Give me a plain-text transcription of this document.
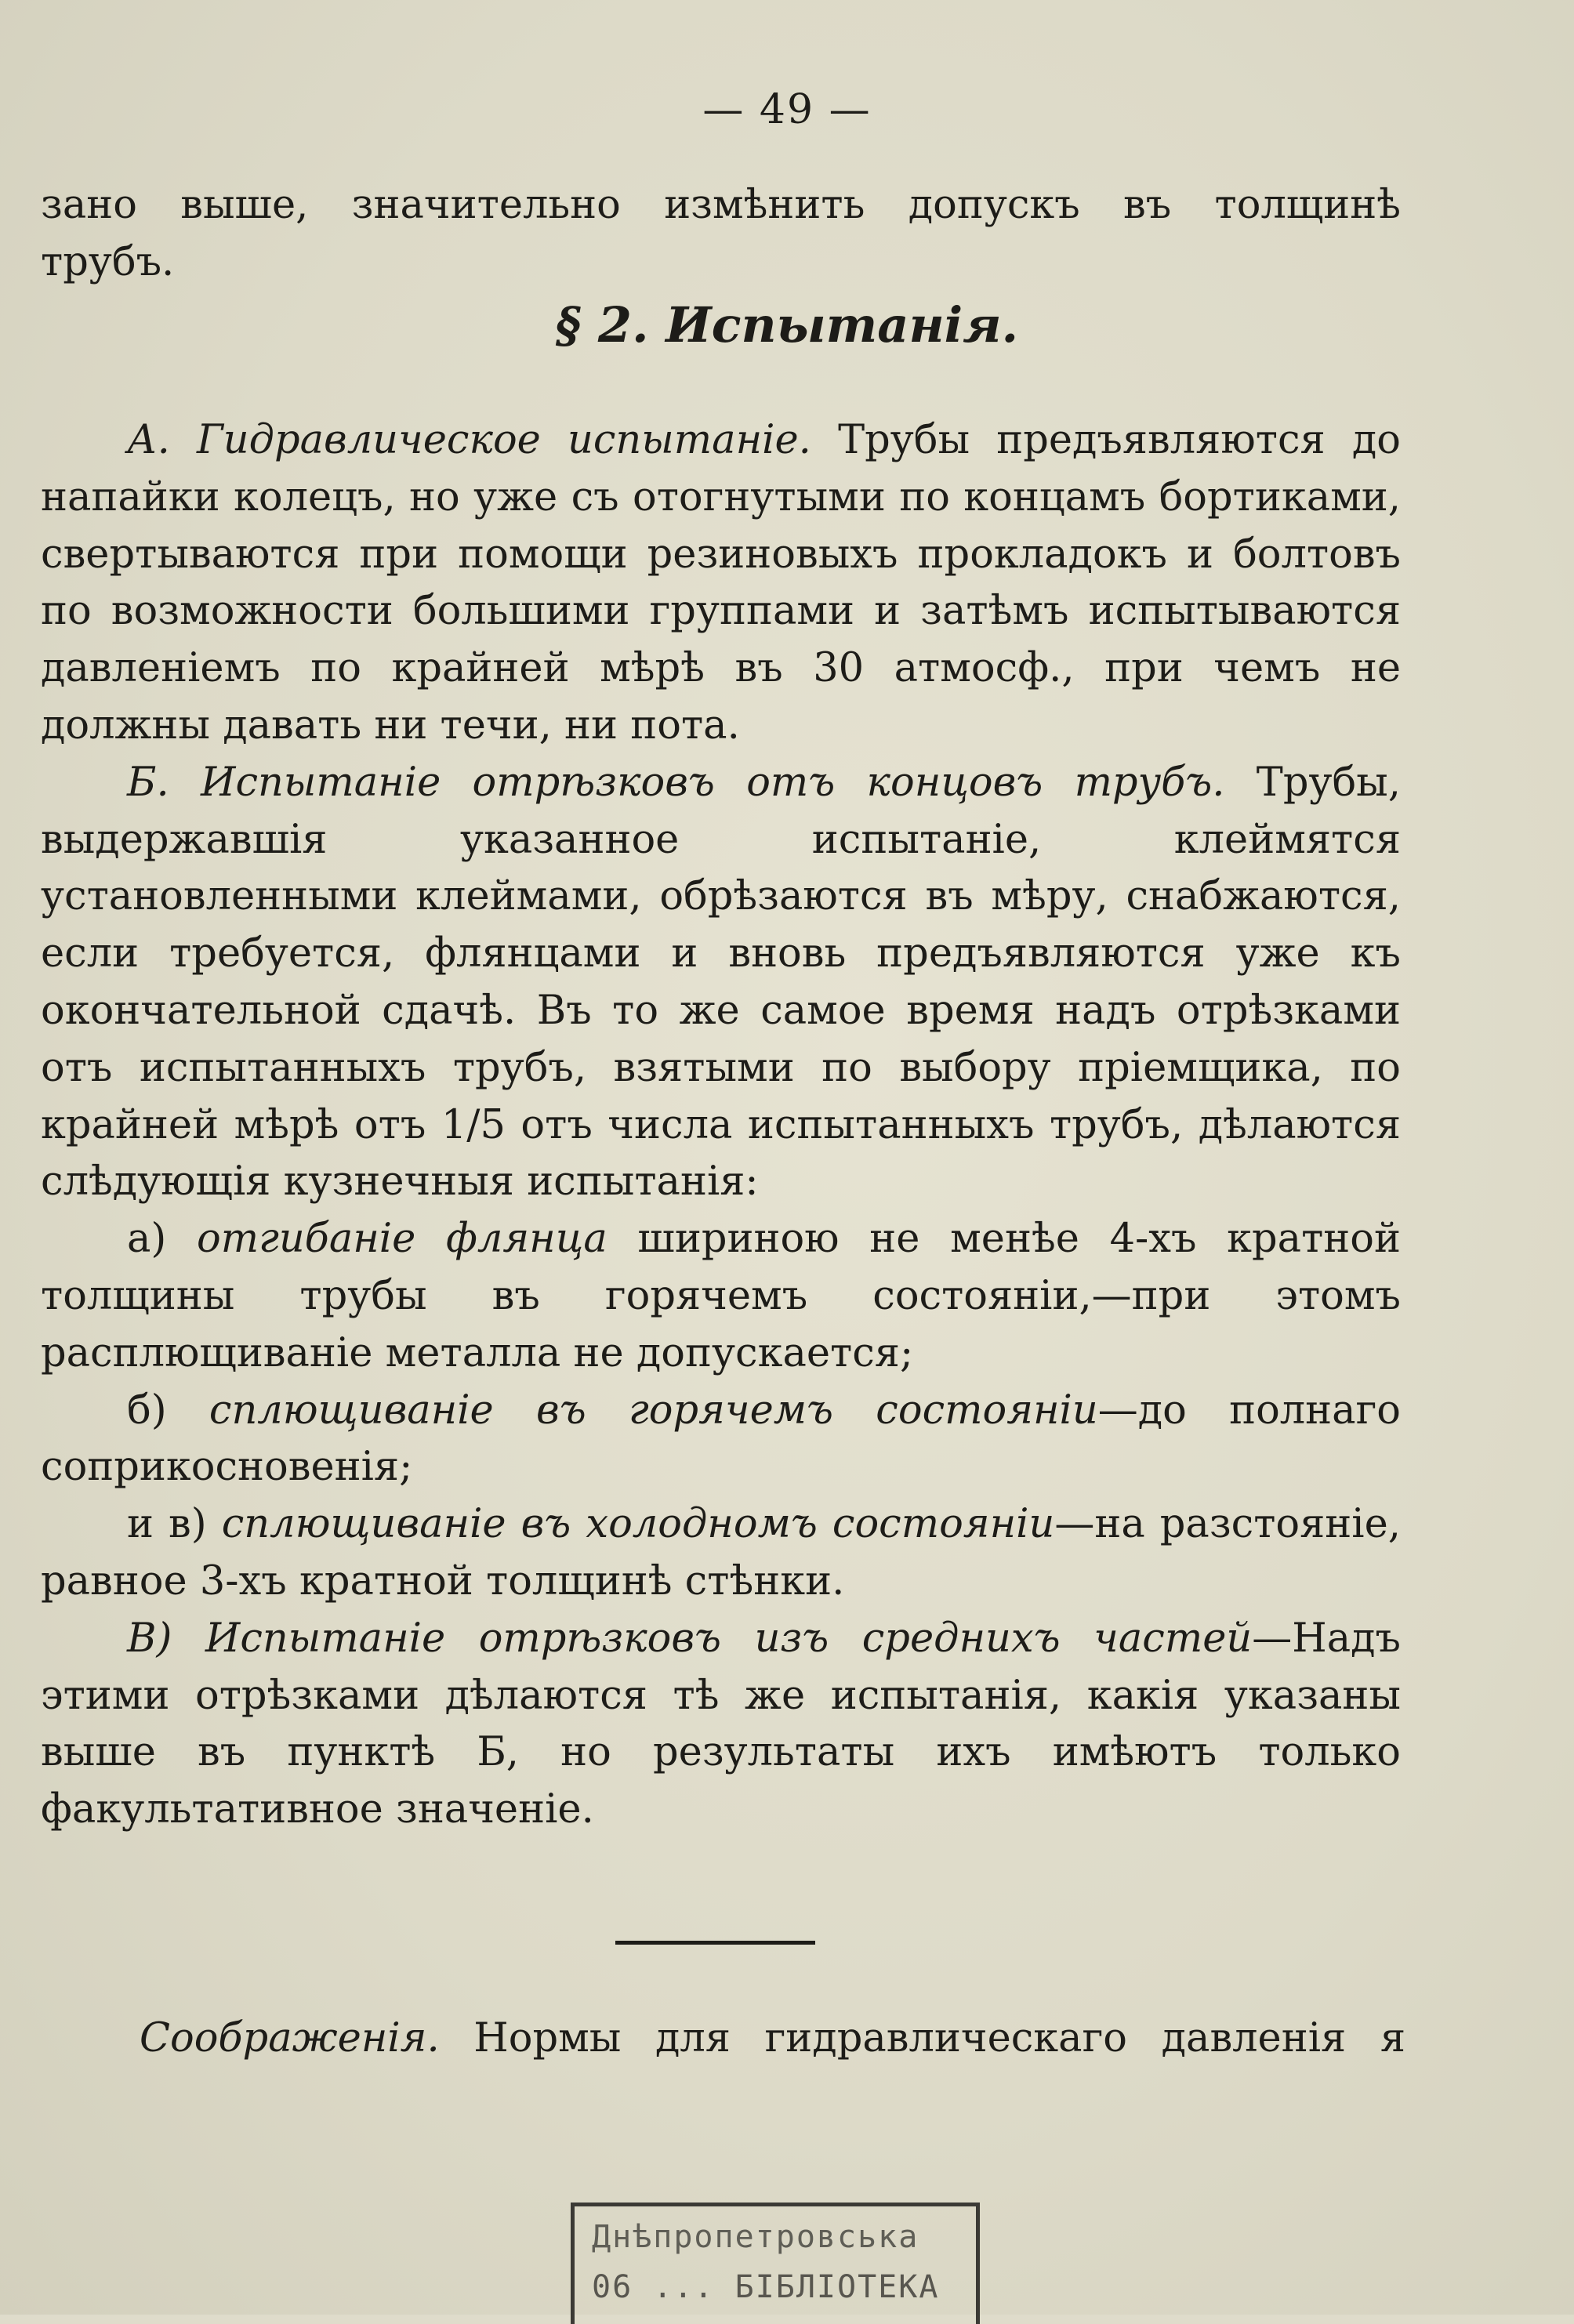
— 49 —

зано выше, значительно измѣнить допускъ въ толщинѣ

трубъ.

§ 2. Испытанія.

А. Гидравлическое испытаніе. Трубы предъявляются до напайки колецъ, но уже съ отогнутыми по концамъ бортиками, свертываются при помощи резиновыхъ прокладокъ и болтовъ по возможности большими группами и затѣмъ испытываются давленіемъ по крайней мѣрѣ въ 30 атмосф., при чемъ не должны давать ни течи, ни пота.

Б. Испытаніе отрѣзковъ отъ концовъ трубъ. Трубы, выдержавшія указанное испытаніе, клеймятся установленными клеймами, обрѣзаются въ мѣру, снабжаются, если требуется, флянцами и вновь предъявляются уже къ окончательной сдачѣ. Въ то же самое время надъ отрѣзками отъ испытанныхъ трубъ, взятыми по выбору пріемщика, по крайней мѣрѣ отъ 1/5 отъ числа испытанныхъ трубъ, дѣлаются слѣдующія кузнечныя испытанія:

а) отгибаніе флянца шириною не менѣе 4-хъ кратной толщины трубы въ горячемъ состояніи,—при этомъ расплющиваніе металла не допускается;

б) сплющиваніе въ горячемъ состояніи—до полнаго соприкосновенія;

и в) сплющиваніе въ холодномъ состояніи—на разстояніе, равное 3-хъ кратной толщинѣ стѣнки.

В) Испытаніе отрѣзковъ изъ среднихъ частей—Надъ этими отрѣзками дѣлаются тѣ же испытанія, какія указаны выше въ пунктѣ Б, но результаты ихъ имѣютъ только факультативное значеніе.

Соображенія. Нормы для гидравлическаго давленія я
Днѣпропетровська
06 ... БІБЛІОТЕКА
